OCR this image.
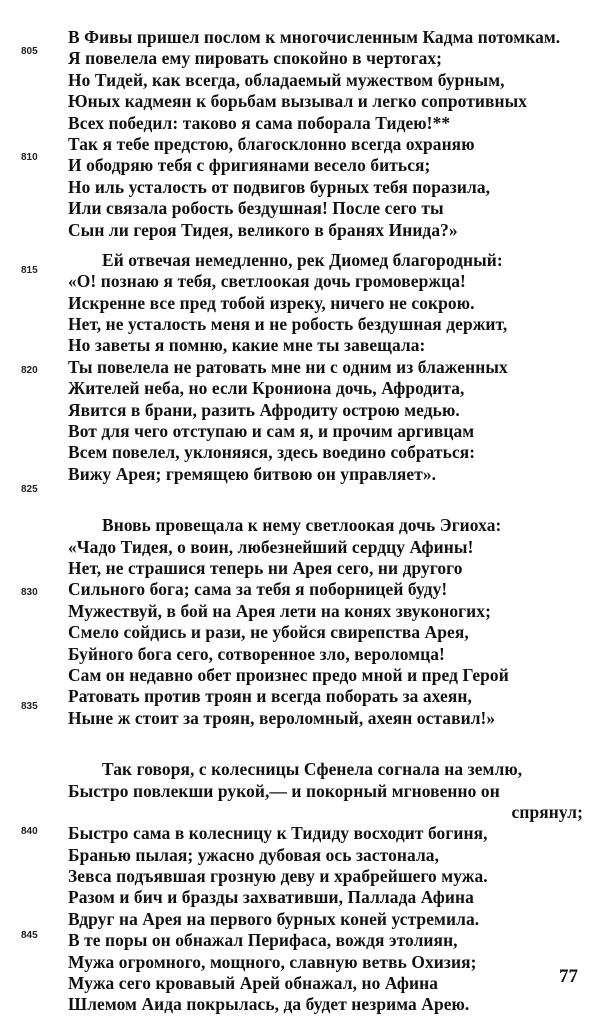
В Фивы пришел послом к многочисленным Кадма потомкам.
Я повелела ему пировать спокойно в чертогах;
Но Тидей, как всегда, обладаемый мужеством бурным,
Юных кадмеян к борьбам вызывал и легко сопротивных
Всех победил: таково я сама поборала Тидею!**
Так я тебе предстою, благосклонно всегда охраняю
И ободряю тебя с фригиянами весело биться;
Но иль усталость от подвигов бурных тебя поразила,
Или связала робость бездушная! После сего ты
Сын ли героя Тидея, великого в бранях Инида?»
Ей отвечая немедленно, рек Диомед благородный:
«О! познаю я тебя, светлоокая дочь громовержца!
Искренне все пред тобой изреку, ничего не сокрою.
Нет, не усталость меня и не робость бездушная держит,
Но заветы я помню, какие мне ты завещала:
Ты повелела не ратовать мне ни с одним из блаженных
Жителей неба, но если Крониона дочь, Афродита,
Явится в брани, разить Афродиту острою медью.
Вот для чего отступаю и сам я, и прочим аргивцам
Всем повелел, уклоняяся, здесь воедино собраться:
Вижу Арея; гремящею битвою он управляет».
Вновь провещала к нему светлоокая дочь Эгиоха:
«Чадо Тидея, о воин, любезнейший сердцу Афины!
Нет, не страшися теперь ни Арея сего, ни другого
Сильного бога; сама за тебя я поборницей буду!
Мужествуй, в бой на Арея лети на конях звуконогих;
Смело сойдись и рази, не убойся свирепства Арея,
Буйного бога сего, сотворенное зло, вероломца!
Сам он недавно обет произнес предо мной и пред Герой
Ратовать против троян и всегда поборать за ахеян,
Ныне ж стоит за троян, вероломный, ахеян оставил!»
Так говоря, с колесницы Сфенела согнала на землю,
Быстро повлекши рукой,— и покорный мгновенно он
спрянул;
Быстро сама в колесницу к Тидиду восходит богиня,
Бранью пылая; ужасно дубовая ось застонала,
Зевса подъявшая грозную деву и храбрейшего мужа.
Разом и бич и бразды захвативши, Паллада Афина
Вдруг на Арея на первого бурных коней устремила.
В те поры он обнажал Перифаса, вождя этолиян,
Мужа огромного, мощного, славную ветвь Охизия;
Мужа сего кровавый Арей обнажал, но Афина
Шлемом Аида покрылась, да будет незрима Арею.
805
810
815
820
825
830
835
840
845
77
